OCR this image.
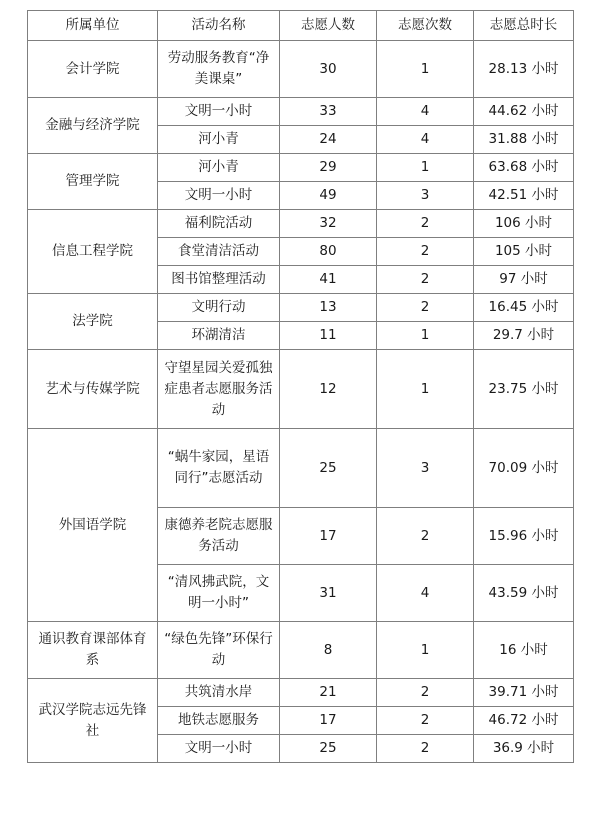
所属单位	活动名称	志愿人数	志愿次数	志愿总时长
会计学院	劳动服务教育“净美课桌”	30	1	28.13 小时
金融与经济学院	文明一小时	33	4	44.62 小时
	河小青	24	4	31.88 小时
管理学院	河小青	29	1	63.68 小时
	文明一小时	49	3	42.51 小时
信息工程学院	福利院活动	32	2	106 小时
	食堂清洁活动	80	2	105 小时
	图书馆整理活动	41	2	97 小时
法学院	文明行动	13	2	16.45 小时
	环湖清洁	11	1	29.7 小时
艺术与传媒学院	守望星园关爱孤独症患者志愿服务活动	12	1	23.75 小时
外国语学院	“蜗牛家园，星语同行”志愿活动	25	3	70.09 小时
	康德养老院志愿服务活动	17	2	15.96 小时
	“清风拂武院，文明一小时”	31	4	43.59 小时
通识教育课部体育系	“绿色先锋”环保行动	8	1	16 小时
武汉学院志远先锋社	共筑清水岸	21	2	39.71 小时
	地铁志愿服务	17	2	46.72 小时
	文明一小时	25	2	36.9 小时
